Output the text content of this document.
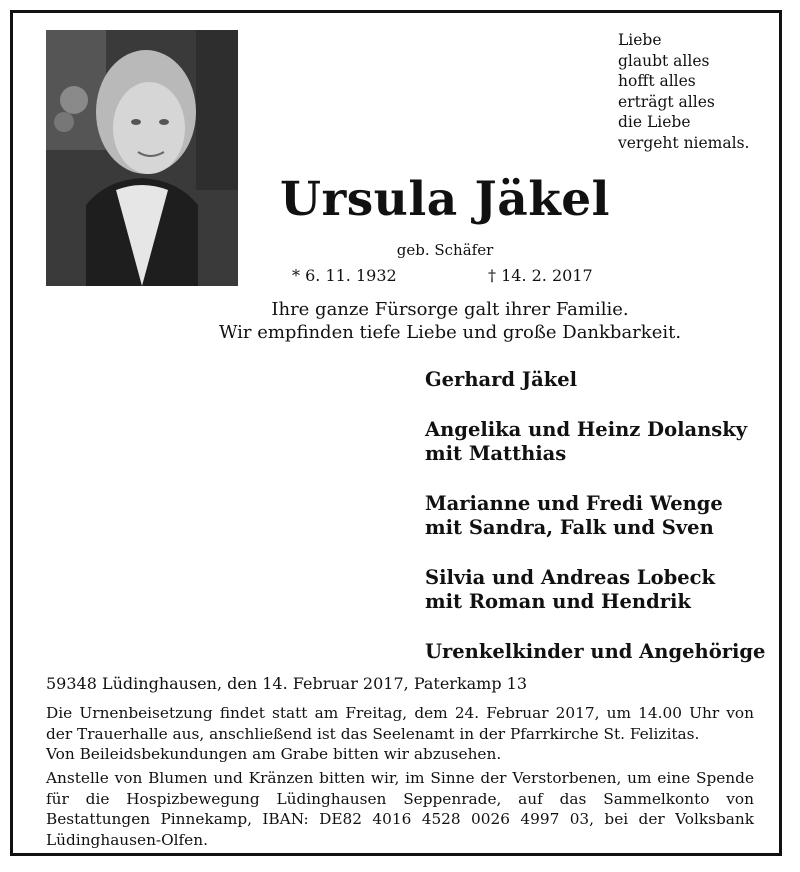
Liebe
glaubt alles
hofft alles
erträgt alles
die Liebe
vergeht niemals.
Ursula Jäkel
geb. Schäfer
* 6. 11. 1932	† 14. 2. 2017
Ihre ganze Fürsorge galt ihrer Familie.
Wir empfinden tiefe Liebe und große Dankbarkeit.
Gerhard Jäkel
Angelika und Heinz Dolansky
mit Matthias
Marianne und Fredi Wenge
mit Sandra, Falk und Sven
Silvia und Andreas Lobeck
mit Roman und Hendrik
Urenkelkinder und Angehörige
59348 Lüdinghausen, den 14. Februar 2017, Paterkamp 13
Die Urnenbeisetzung findet statt am Freitag, dem 24. Februar 2017, um 14.00 Uhr von der Trauerhalle aus, anschließend ist das Seelenamt in der Pfarrkirche St. Felizitas.
Von Beileidsbekundungen am Grabe bitten wir abzusehen.
Anstelle von Blumen und Kränzen bitten wir, im Sinne der Verstorbenen, um eine Spende für die Hospizbewegung Lüdinghausen Seppenrade, auf das Sammelkonto von Bestattungen Pinnekamp, IBAN: DE82 4016 4528 0026 4997 03, bei der Volksbank Lüdinghausen-Olfen.
